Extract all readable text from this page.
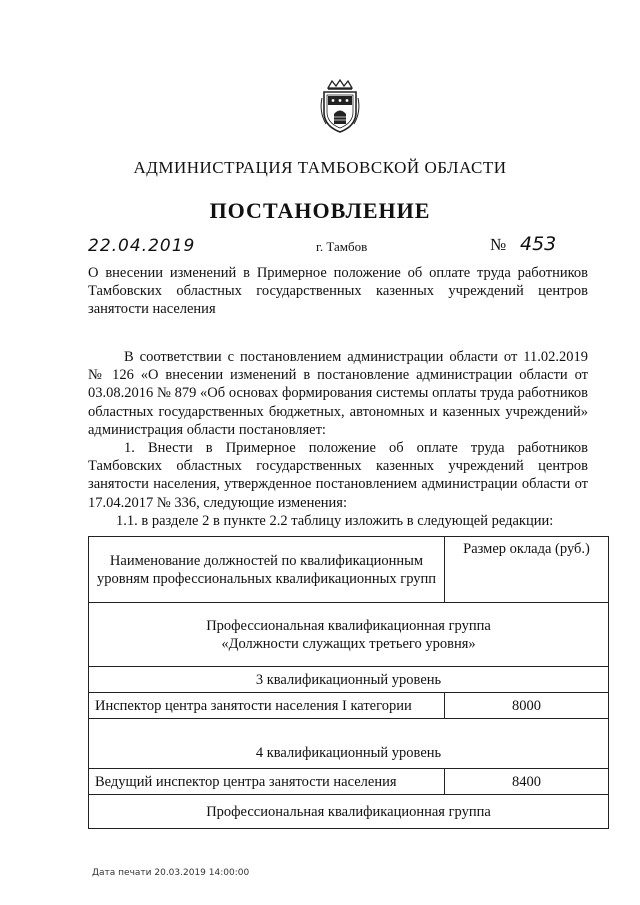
АДМИНИСТРАЦИЯ ТАМБОВСКОЙ ОБЛАСТИ
ПОСТАНОВЛЕНИЕ
22.04.2019	г. Тамбов	№ 453
О внесении изменений в Примерное положение об оплате труда работников Тамбовских областных государственных казенных учреждений центров занятости населения

В соответствии с постановлением администрации области от 11.02.2019 № 126 «О внесении изменений в постановление администрации области от 03.08.2016 № 879 «Об основах формирования системы оплаты труда работников областных государственных бюджетных, автономных и казенных учреждений» администрация области постановляет:

1. Внести в Примерное положение об оплате труда работников Тамбовских областных государственных казенных учреждений центров занятости населения, утвержденное постановлением администрации области от 17.04.2017 № 336, следующие изменения:

1.1. в разделе 2 в пункте 2.2 таблицу изложить в следующей редакции:

Наименование должностей по квалификационным уровням профессиональных квалификационных групп	Размер оклада (руб.)

Профессиональная квалификационная группа
«Должности служащих третьего уровня»	

3 квалификационный уровень	
Инспектор центра занятости населения I категории	8000
4 квалификационный уровень	
Ведущий инспектор центра занятости населения	8400
Профессиональная квалификационная группа	
Дата печати 20.03.2019 14:00:00
